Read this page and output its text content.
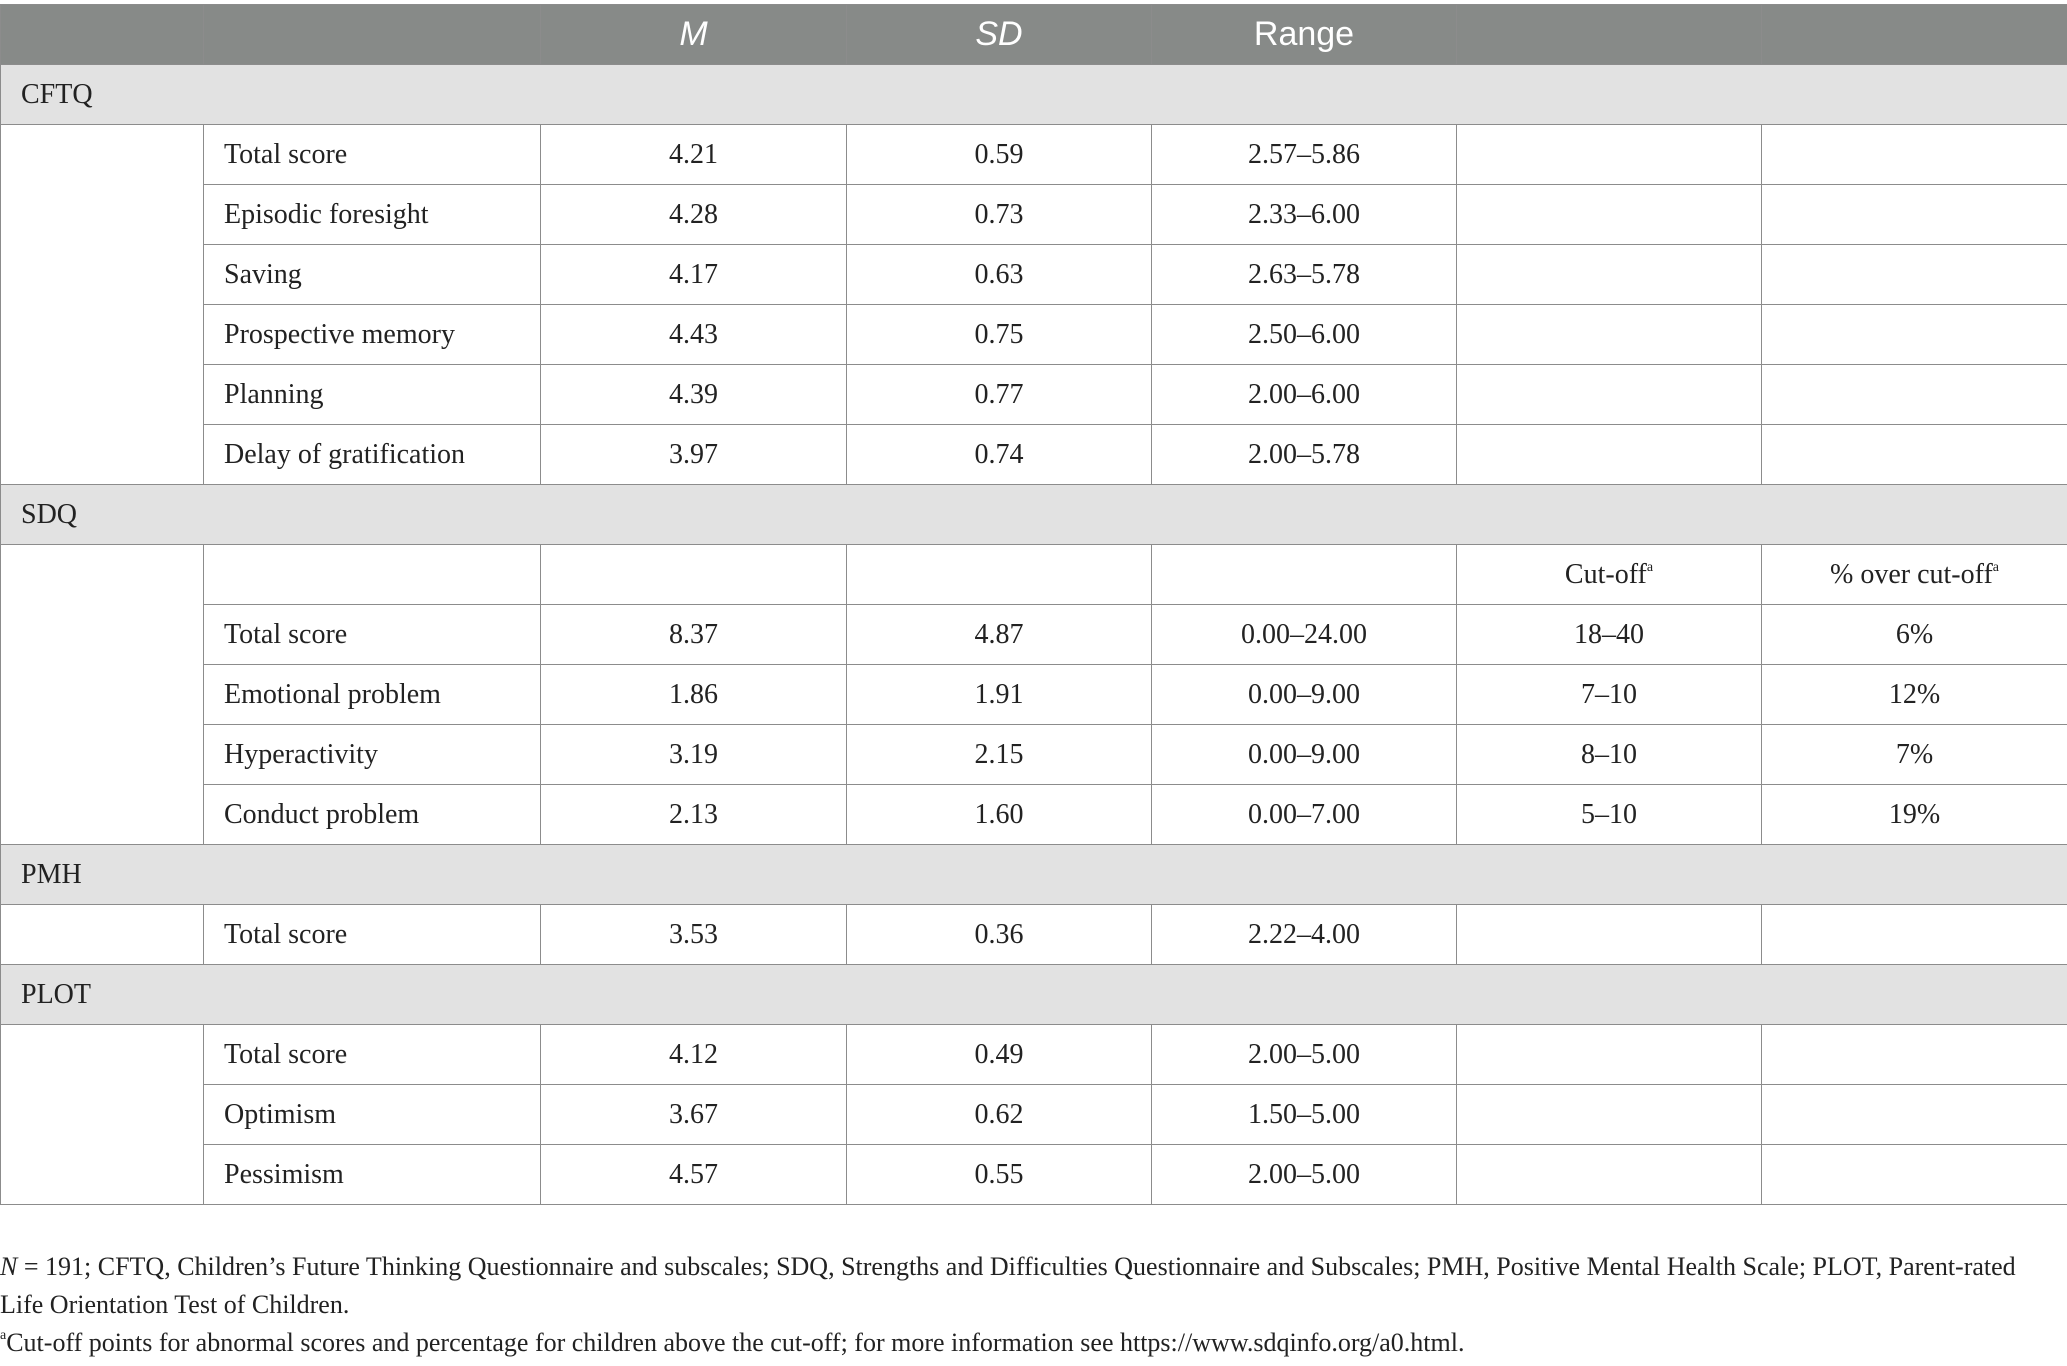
		M	SD	Range		
CFTQ						
	Total score	4.21	0.59	2.57–5.86		
	Episodic foresight	4.28	0.73	2.33–6.00		
	Saving	4.17	0.63	2.63–5.78		
	Prospective memory	4.43	0.75	2.50–6.00		
	Planning	4.39	0.77	2.00–6.00		
	Delay of gratification	3.97	0.74	2.00–5.78		
SDQ						
					Cut-off$^a$	% over cut-off$^a$
	Total score	8.37	4.87	0.00–24.00	18–40	6%
	Emotional problem	1.86	1.91	0.00–9.00	7–10	12%
	Hyperactivity	3.19	2.15	0.00–9.00	8–10	7%
	Conduct problem	2.13	1.60	0.00–7.00	5–10	19%
PMH						
	Total score	3.53	0.36	2.22–4.00		
PLOT						
	Total score	4.12	0.49	2.00–5.00		
	Optimism	3.67	0.62	1.50–5.00		
	Pessimism	4.57	0.55	2.00–5.00		

N = 191; CFTQ, Children’s Future Thinking Questionnaire and subscales; SDQ, Strengths and Difficulties Questionnaire and Subscales; PMH, Positive Mental Health Scale; PLOT, Parent-rated
Life Orientation Test of Children.

$^a$Cut-off points for abnormal scores and percentage for children above the cut-off; for more information see https://www.sdqinfo.org/a0.html.
